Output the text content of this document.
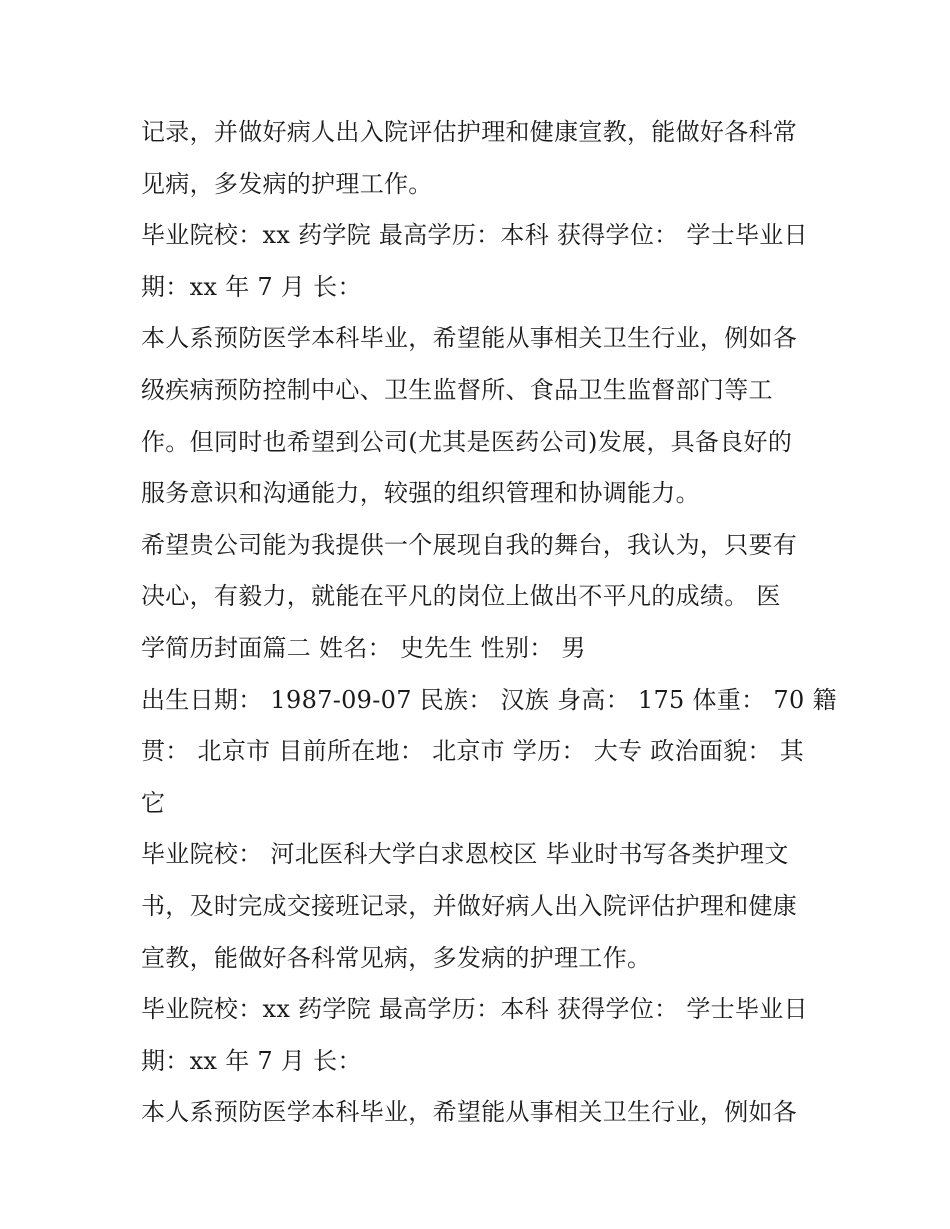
记录，并做好病人出入院评估护理和健康宣教，能做好各科常
见病，多发病的护理工作。
毕业院校：xx 药学院 最高学历：本科 获得学位： 学士毕业日
期：xx 年 7 月 长：
本人系预防医学本科毕业，希望能从事相关卫生行业，例如各
级疾病预防控制中心、卫生监督所、食品卫生监督部门等工
作。但同时也希望到公司(尤其是医药公司)发展，具备良好的
服务意识和沟通能力，较强的组织管理和协调能力。
希望贵公司能为我提供一个展现自我的舞台，我认为，只要有
决心，有毅力，就能在平凡的岗位上做出不平凡的成绩。 医
学简历封面篇二 姓名： 史先生 性别： 男
出生日期： 1987-09-07 民族： 汉族 身高： 175 体重： 70 籍
贯： 北京市 目前所在地： 北京市 学历： 大专 政治面貌： 其
它
毕业院校： 河北医科大学白求恩校区 毕业时书写各类护理文
书，及时完成交接班记录，并做好病人出入院评估护理和健康
宣教，能做好各科常见病，多发病的护理工作。
毕业院校：xx 药学院 最高学历：本科 获得学位： 学士毕业日
期：xx 年 7 月 长：
本人系预防医学本科毕业，希望能从事相关卫生行业，例如各
